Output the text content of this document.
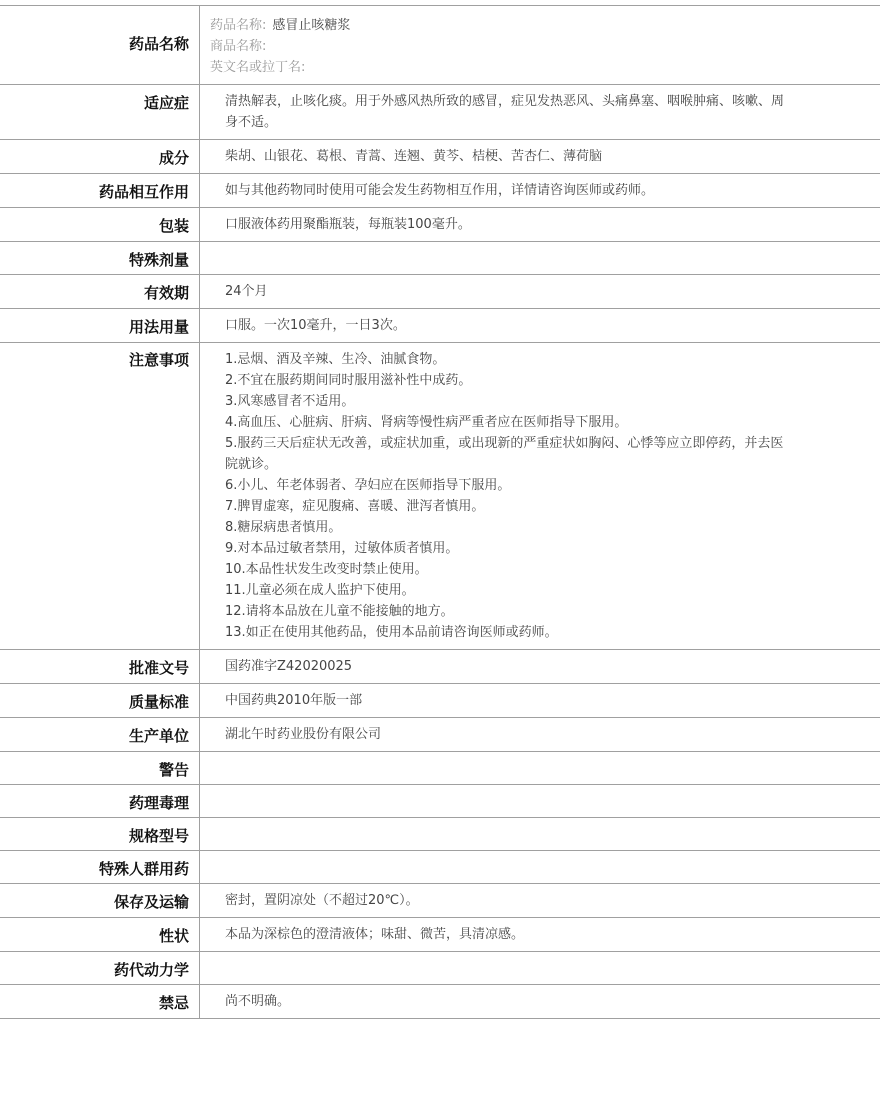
药品名称
药品名称: 感冒止咳糖浆
商品名称:
英文名或拉丁名:
适应症	清热解表，止咳化痰。用于外感风热所致的感冒，症见发热恶风、头痛鼻塞、咽喉肿痛、咳嗽、周身不适。
成分	柴胡、山银花、葛根、青蒿、连翘、黄芩、桔梗、苦杏仁、薄荷脑
药品相互作用	如与其他药物同时使用可能会发生药物相互作用，详情请咨询医师或药师。
包装	口服液体药用聚酯瓶装，每瓶装100毫升。
特殊剂量
有效期	24个月
用法用量	口服。一次10毫升，一日3次。
注意事项	1.忌烟、酒及辛辣、生冷、油腻食物。
2.不宜在服药期间同时服用滋补性中成药。
3.风寒感冒者不适用。
4.高血压、心脏病、肝病、肾病等慢性病严重者应在医师指导下服用。
5.服药三天后症状无改善，或症状加重，或出现新的严重症状如胸闷、心悸等应立即停药，并去医院就诊。
6.小儿、年老体弱者、孕妇应在医师指导下服用。
7.脾胃虚寒，症见腹痛、喜暖、泄泻者慎用。
8.糖尿病患者慎用。
9.对本品过敏者禁用，过敏体质者慎用。
10.本品性状发生改变时禁止使用。
11.儿童必须在成人监护下使用。
12.请将本品放在儿童不能接触的地方。
13.如正在使用其他药品，使用本品前请咨询医师或药师。
批准文号	国药准字Z42020025
质量标准	中国药典2010年版一部
生产单位	湖北午时药业股份有限公司
警告
药理毒理
规格型号
特殊人群用药
保存及运输	密封，置阴凉处（不超过20℃）。
性状	本品为深棕色的澄清液体；味甜、微苦，具清凉感。
药代动力学
禁忌	尚不明确。
